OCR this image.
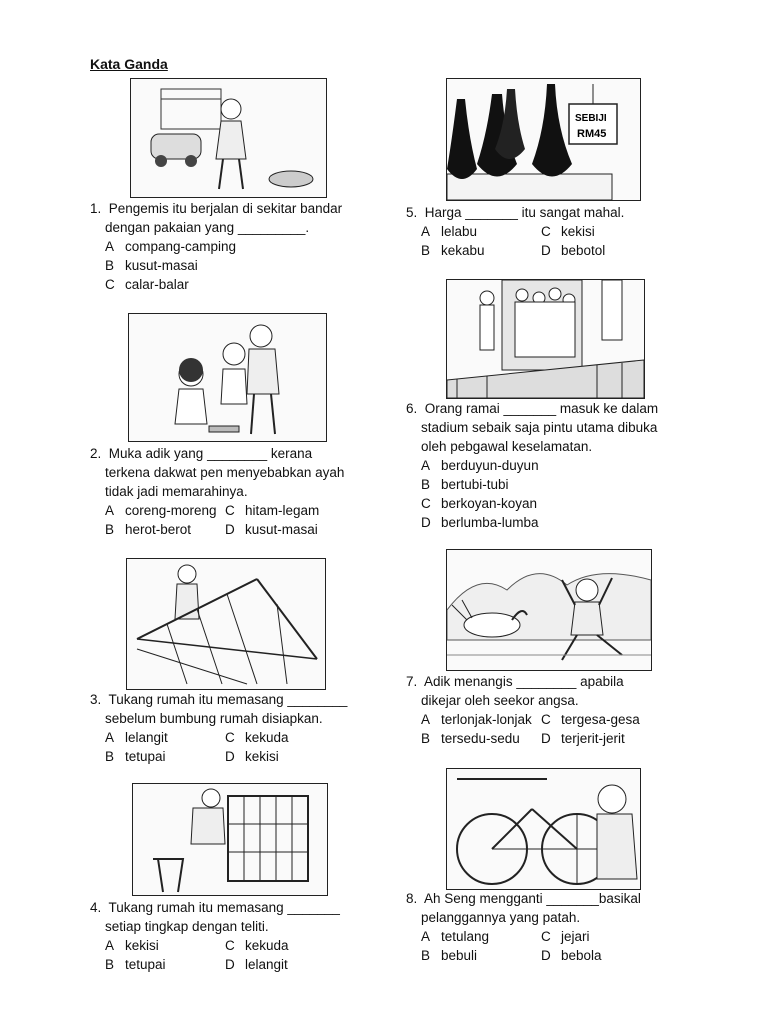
Kata Ganda
SEBIJI
RM45
1. Pengemis itu berjalan di sekitar bandar
dengan pakaian yang _________.
A compang-camping
B kusut-masai
C calar-balar
2. Muka adik yang ________ kerana
terkena dakwat pen menyebabkan ayah
tidak jadi memarahinya.
A coreng-moreng C hitam-legam
B herot-berot	D kusut-masai
3. Tukang rumah itu memasang ________
sebelum bumbung rumah disiapkan.
A lelangit	C kekuda
B tetupai	D kekisi
4. Tukang rumah itu memasang _______
setiap tingkap dengan teliti.
A kekisi	C kekuda
B tetupai	D lelangit
5. Harga _______ itu sangat mahal.
A lelabu	C kekisi
B kekabu	D bebotol
6. Orang ramai _______ masuk ke dalam
stadium sebaik saja pintu utama dibuka
oleh pebgawal keselamatan.
A berduyun-duyun
B bertubi-tubi
C berkoyan-koyan
D berlumba-lumba
7. Adik menangis ________ apabila
dikejar oleh seekor angsa.
A terlonjak-lonjak C tergesa-gesa
B tersedu-sedu D terjerit-jerit
8. Ah Seng mengganti _______basikal
pelanggannya yang patah.
A tetulang	C jejari
B bebuli	D bebola
